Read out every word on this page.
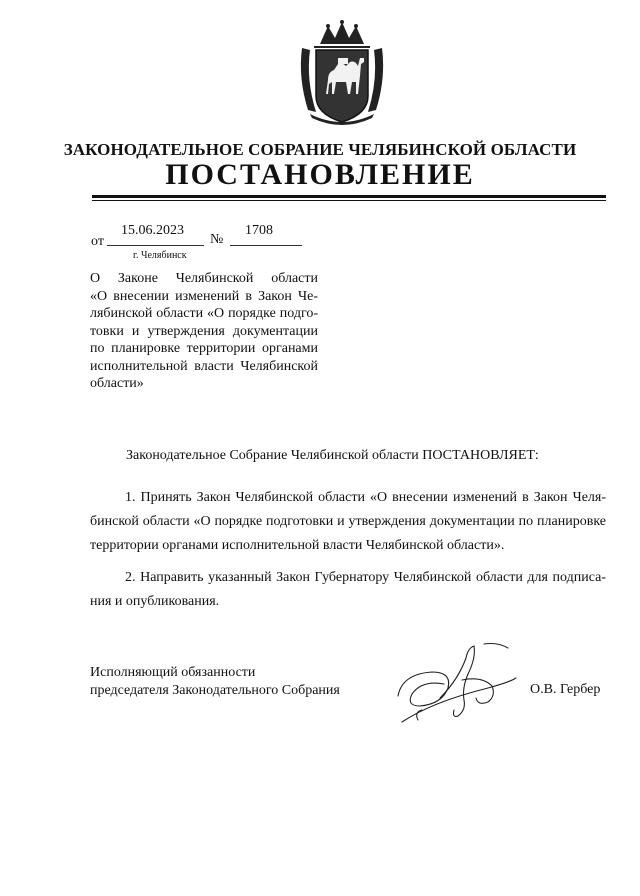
ЗАКОНОДАТЕЛЬНОЕ СОБРАНИЕ ЧЕЛЯБИНСКОЙ ОБЛАСТИ
ПОСТАНОВЛЕНИЕ
от
15.06.2023
№
1708
г. Челябинск
О Законе Челябинской области
«О внесении изменений в Закон Че-
лябинской области «О порядке подго-
товки и утверждения документации
по планировке территории органами
исполнительной власти Челябинской
области»
Законодательное Собрание Челябинской области ПОСТАНОВЛЯЕТ:
1. Принять Закон Челябинской области «О внесении изменений в Закон Челя-
бинской области «О порядке подготовки и утверждения документации по планировке
территории органами исполнительной власти Челябинской области».
2. Направить указанный Закон Губернатору Челябинской области для подписа-
ния и опубликования.
Исполняющий обязанности
председателя Законодательного Собрания	О.В. Гербер
